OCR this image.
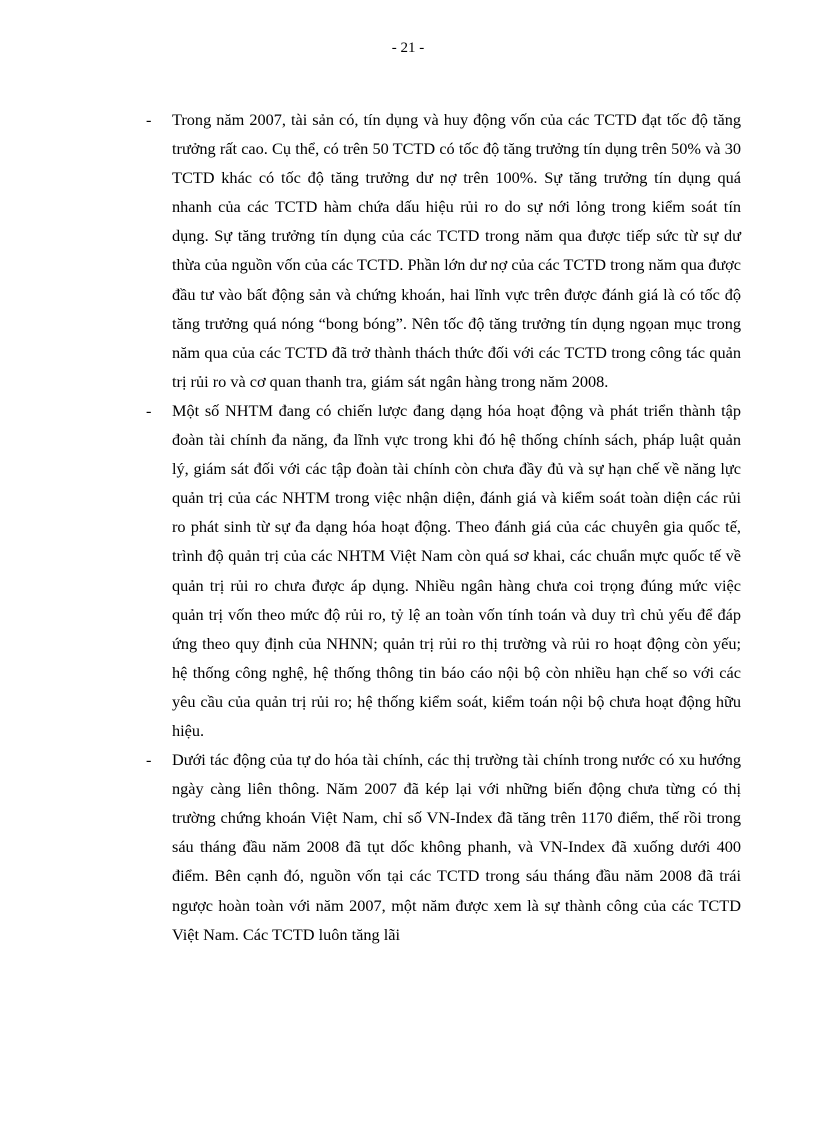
- 21 -
- Trong năm 2007, tài sản có, tín dụng và huy động vốn của các TCTD đạt tốc độ tăng trưởng rất cao. Cụ thể, có trên 50 TCTD có tốc độ tăng trưởng tín dụng trên 50% và 30 TCTD khác có tốc độ tăng trưởng dư nợ trên 100%. Sự tăng trưởng tín dụng quá nhanh của các TCTD hàm chứa dấu hiệu rủi ro do sự nới lỏng trong kiểm soát tín dụng. Sự tăng trưởng tín dụng của các TCTD trong năm qua được tiếp sức từ sự dư thừa của nguồn vốn của các TCTD. Phần lớn dư nợ của các TCTD trong năm qua được đầu tư vào bất động sản và chứng khoán, hai lĩnh vực trên được đánh giá là có tốc độ tăng trưởng quá nóng “bong bóng”. Nên tốc độ tăng trưởng tín dụng ngọan mục trong năm qua của các TCTD đã trở thành thách thức đối với các TCTD trong công tác quản trị rủi ro và cơ quan thanh tra, giám sát ngân hàng trong năm 2008.
- Một số NHTM đang có chiến lược đang dạng hóa hoạt động và phát triển thành tập đoàn tài chính đa năng, đa lĩnh vực trong khi đó hệ thống chính sách, pháp luật quản lý, giám sát đối với các tập đoàn tài chính còn chưa đầy đủ và sự hạn chế về năng lực quản trị của các NHTM trong việc nhận diện, đánh giá và kiểm soát toàn diện các rủi ro phát sinh từ sự đa dạng hóa hoạt động. Theo đánh giá của các chuyên gia quốc tế, trình độ quản trị của các NHTM Việt Nam còn quá sơ khai, các chuẩn mực quốc tế về quản trị rủi ro chưa được áp dụng. Nhiều ngân hàng chưa coi trọng đúng mức việc quản trị vốn theo mức độ rủi ro, tỷ lệ an toàn vốn tính toán và duy trì chủ yếu để đáp ứng theo quy định của NHNN; quản trị rủi ro thị trường và rủi ro hoạt động còn yếu; hệ thống công nghệ, hệ thống thông tin báo cáo nội bộ còn nhiều hạn chế so với các yêu cầu của quản trị rủi ro; hệ thống kiểm soát, kiểm toán nội bộ chưa hoạt động hữu hiệu.
- Dưới tác động của tự do hóa tài chính, các thị trường tài chính trong nước có xu hướng ngày càng liên thông. Năm 2007 đã kép lại với những biến động chưa từng có thị trường chứng khoán Việt Nam, chỉ số VN-Index đã tăng trên 1170 điểm, thế rồi trong sáu tháng đầu năm 2008 đã tụt dốc không phanh, và VN-Index đã xuống dưới 400 điểm. Bên cạnh đó, nguồn vốn tại các TCTD trong sáu tháng đầu năm 2008 đã trái ngược hoàn toàn với năm 2007, một năm được xem là sự thành công của các TCTD Việt Nam. Các TCTD luôn tăng lãi
